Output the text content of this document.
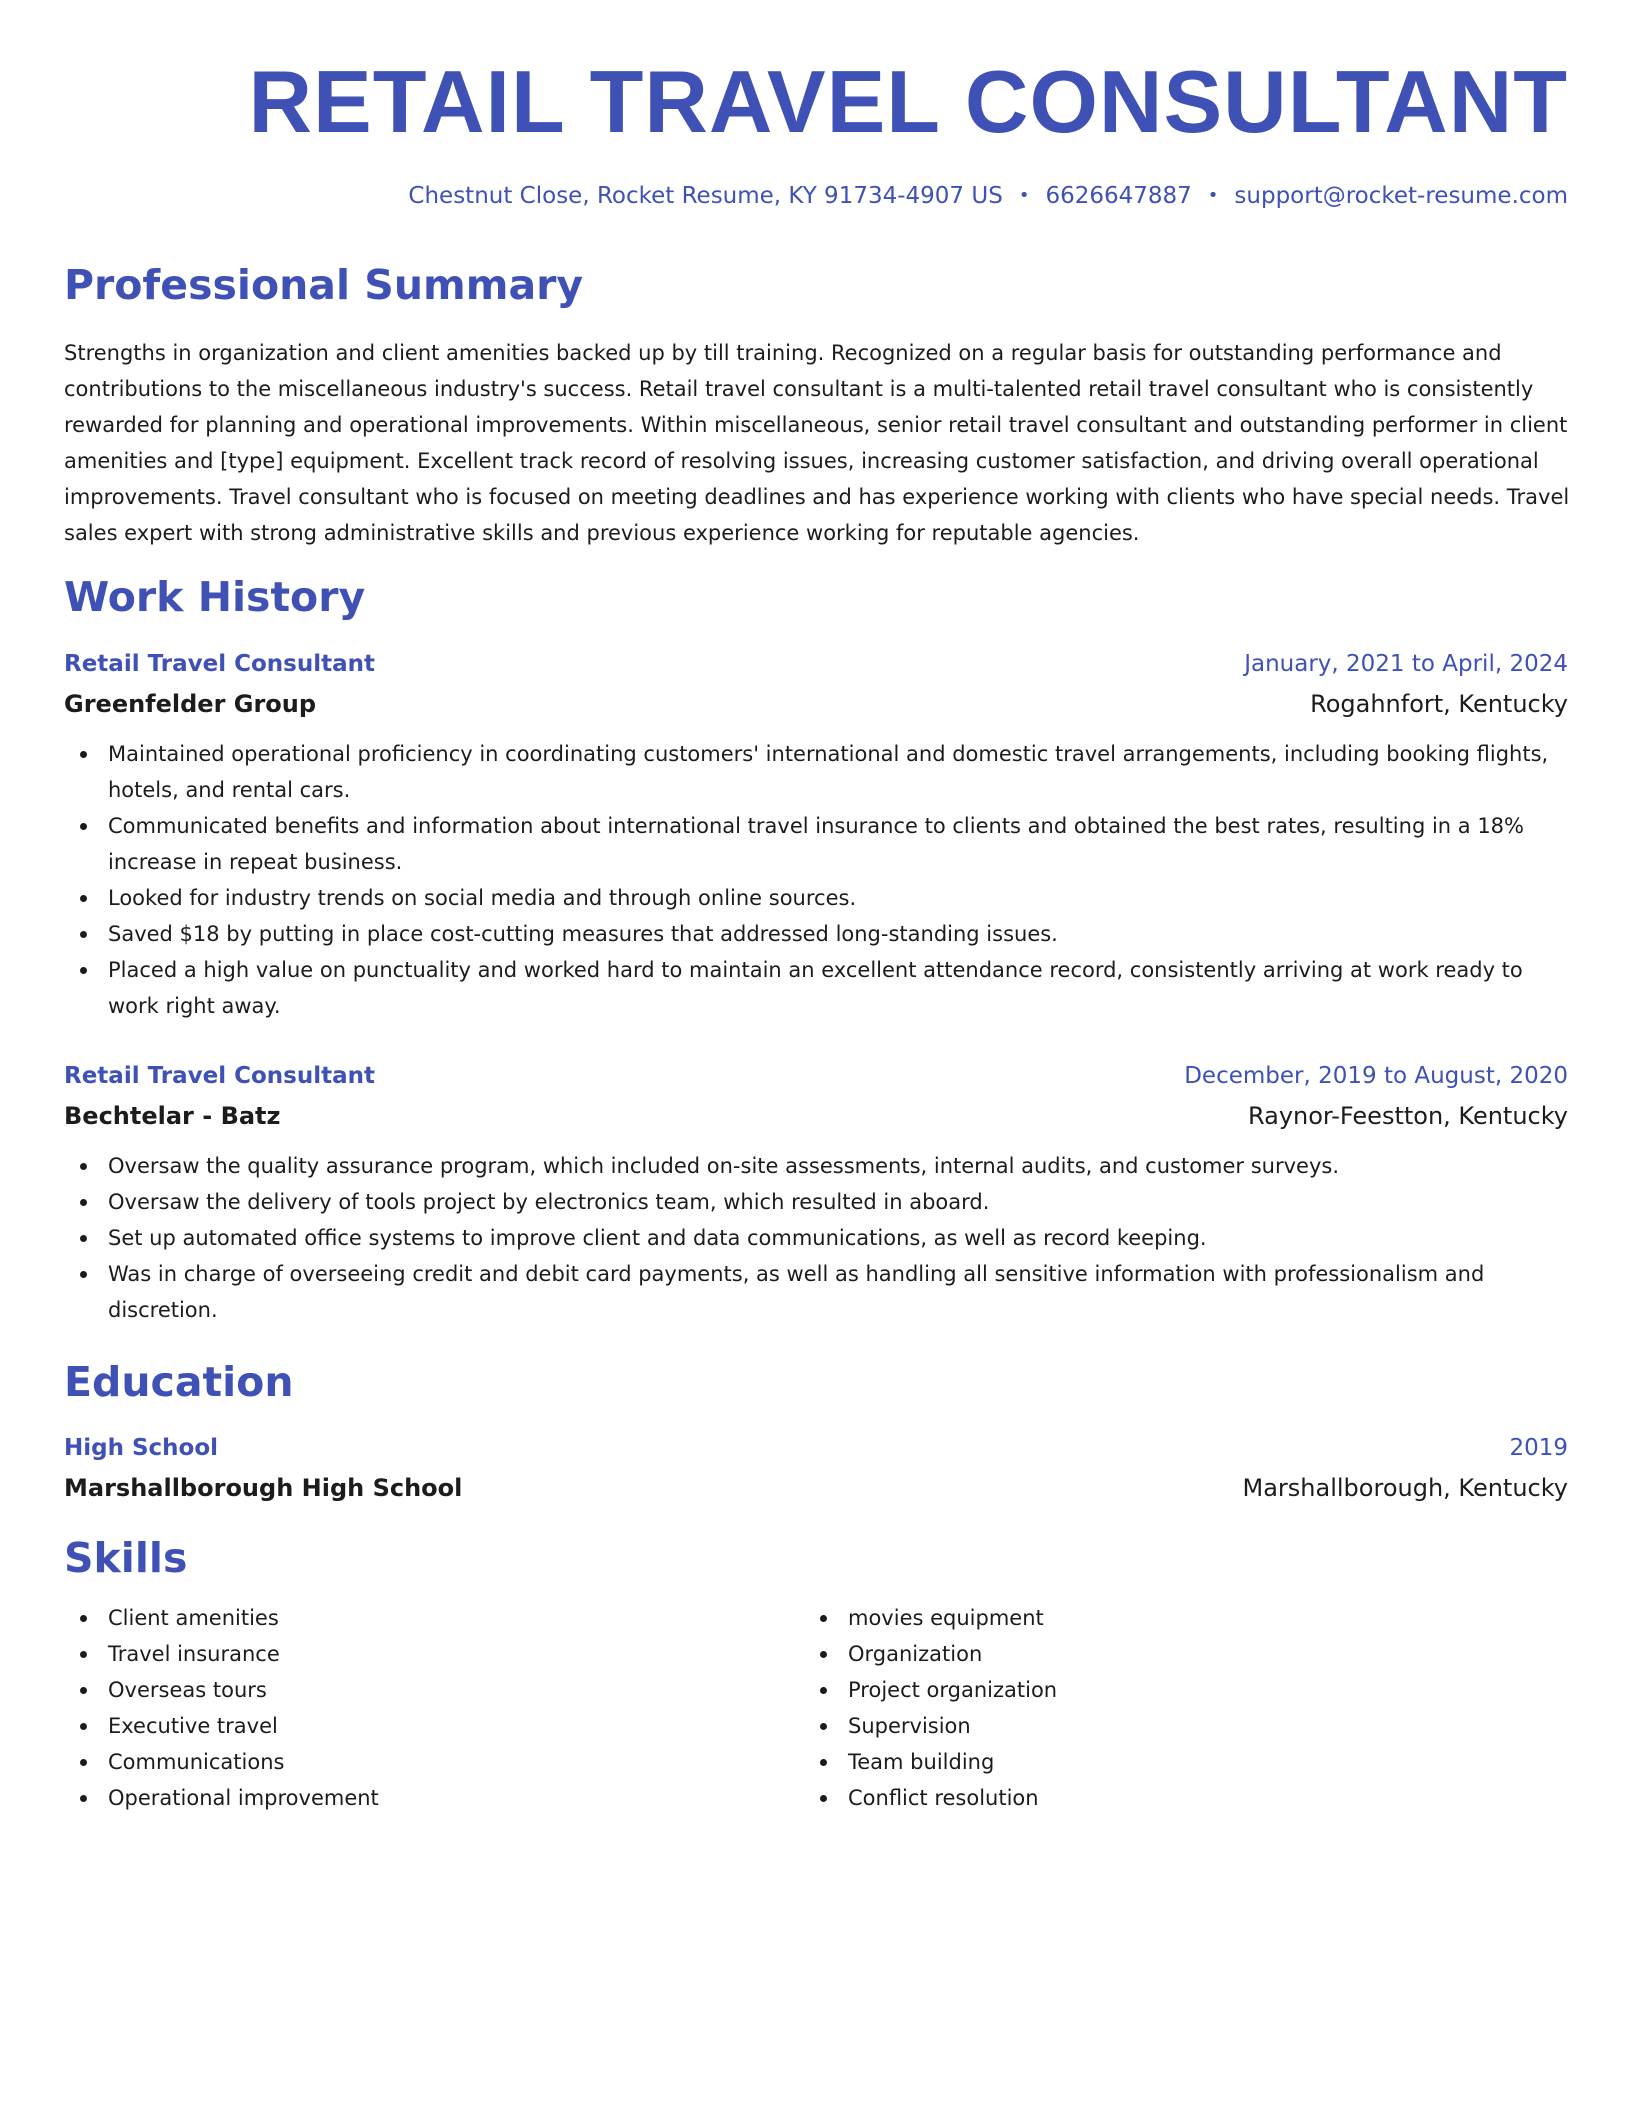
RETAIL TRAVEL CONSULTANT
Chestnut Close, Rocket Resume, KY 91734-4907 US • 6626647887 • support@rocket-resume.com
Professional Summary

Strengths in organization and client amenities backed up by till training. Recognized on a regular basis for outstanding performance and contributions to the miscellaneous industry's success. Retail travel consultant is a multi-talented retail travel consultant who is consistently rewarded for planning and operational improvements. Within miscellaneous, senior retail travel consultant and outstanding performer in client amenities and [type] equipment. Excellent track record of resolving issues, increasing customer satisfaction, and driving overall operational improvements. Travel consultant who is focused on meeting deadlines and has experience working with clients who have special needs. Travel sales expert with strong administrative skills and previous experience working for reputable agencies.

Work History
Retail Travel Consultant	January, 2021 to April, 2024
Greenfelder Group	Rogahnfort, Kentucky
Maintained operational proficiency in coordinating customers' international and domestic travel arrangements, including booking flights, hotels, and rental cars.
Communicated benefits and information about international travel insurance to clients and obtained the best rates, resulting in a 18% increase in repeat business.
Looked for industry trends on social media and through online sources.
Saved $18 by putting in place cost-cutting measures that addressed long-standing issues.
Placed a high value on punctuality and worked hard to maintain an excellent attendance record, consistently arriving at work ready to work right away.
Retail Travel Consultant	December, 2019 to August, 2020
Bechtelar - Batz	Raynor-Feestton, Kentucky
Oversaw the quality assurance program, which included on-site assessments, internal audits, and customer surveys.
Oversaw the delivery of tools project by electronics team, which resulted in aboard.
Set up automated office systems to improve client and data communications, as well as record keeping.
Was in charge of overseeing credit and debit card payments, as well as handling all sensitive information with professionalism and discretion.
Education
High School	2019
Marshallborough High School	Marshallborough, Kentucky
Skills
Client amenities
Travel insurance
Overseas tours
Executive travel
Communications
Operational improvement
movies equipment
Organization
Project organization
Supervision
Team building
Conflict resolution
